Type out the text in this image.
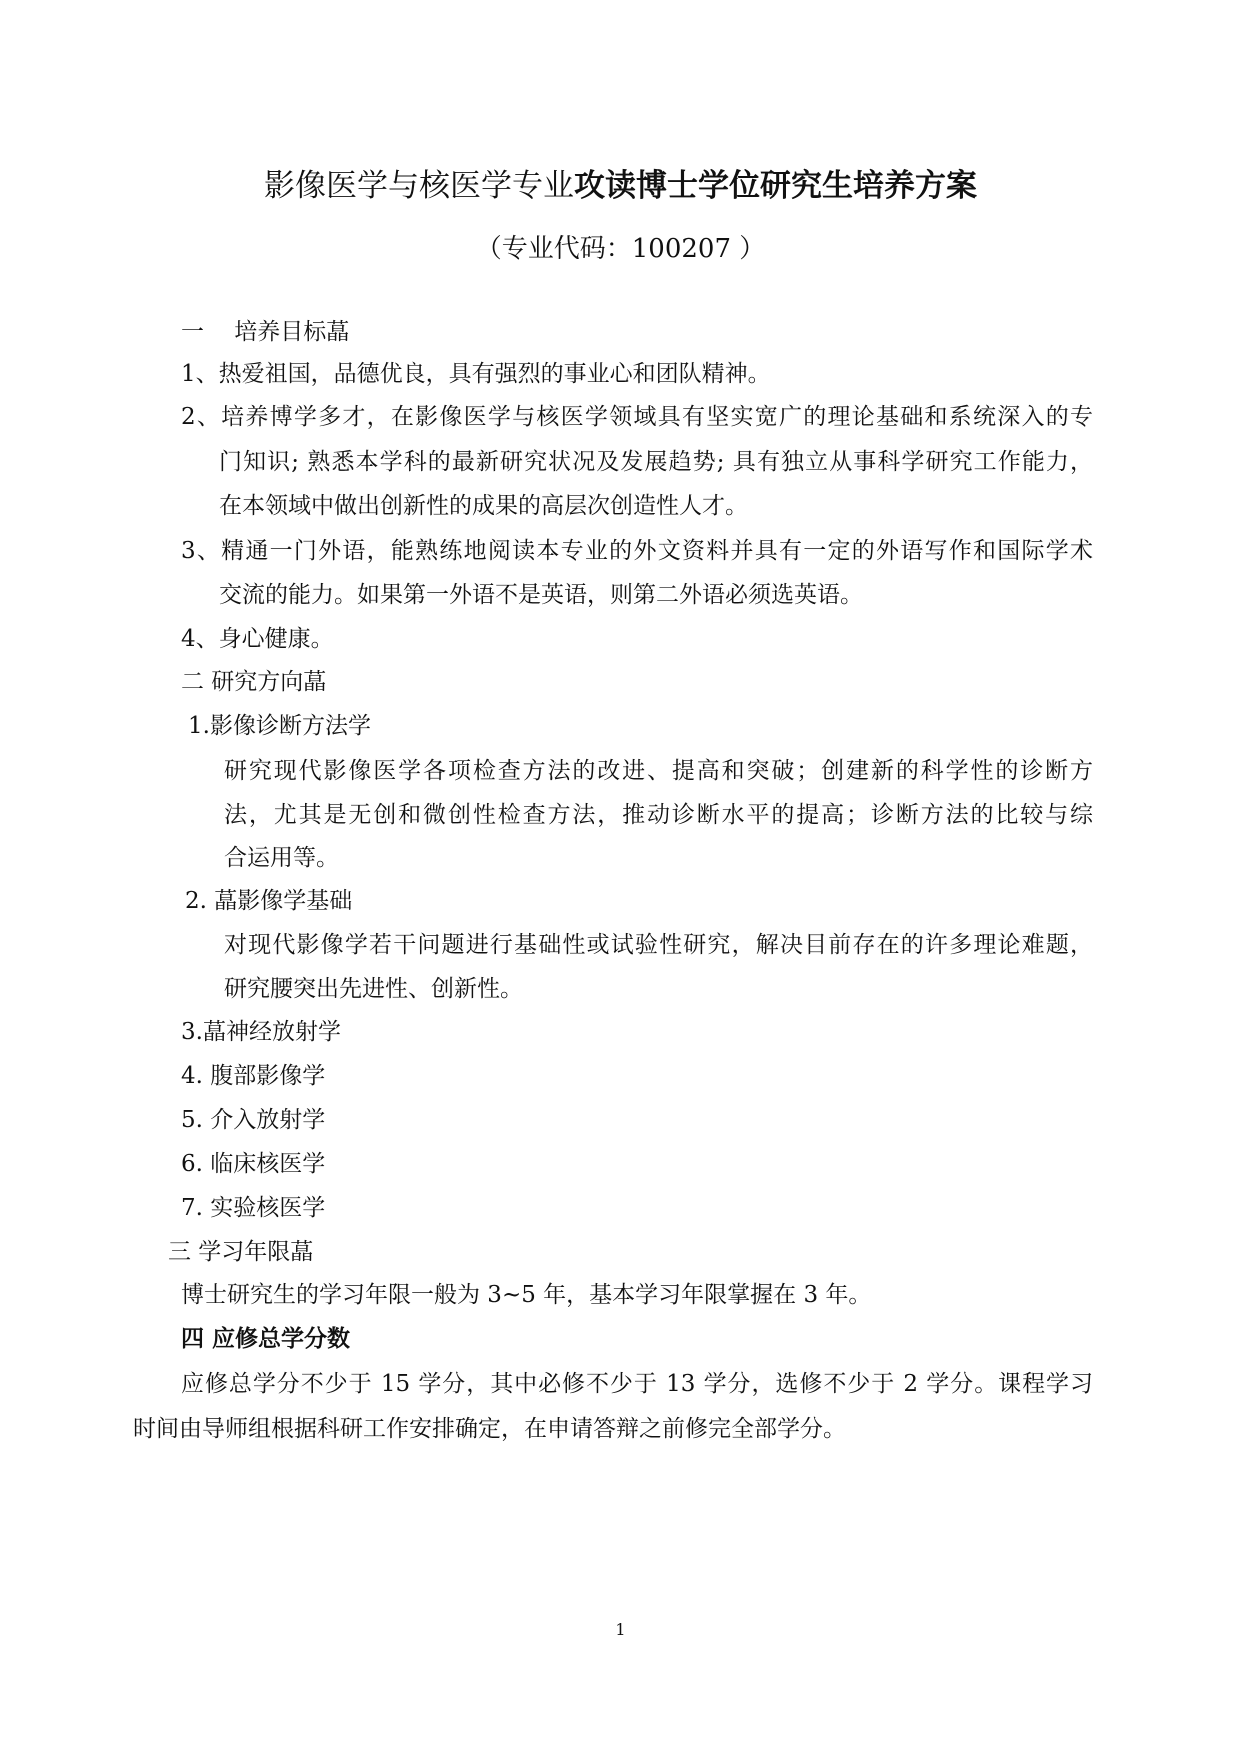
影像医学与核医学专业攻读博士学位研究生培养方案
（专业代码：100207 ）
一　 培养目标蕌
1、热爱祖国，品德优良，具有强烈的事业心和团队精神。
2、培养博学多才，在影像医学与核医学领域具有坚实宽广的理论基础和系统深入的专
门知识; 熟悉本学科的最新研究状况及发展趋势; 具有独立从事科学研究工作能力，
在本领域中做出创新性的成果的高层次创造性人才。
3、精通一门外语，能熟练地阅读本专业的外文资料并具有一定的外语写作和国际学术
交流的能力。如果第一外语不是英语，则第二外语必须选英语。
4、身心健康。
二 研究方向蕌
1.影像诊断方法学
研究现代影像医学各项检查方法的改进、提高和突破；创建新的科学性的诊断方
法，尤其是无创和微创性检查方法，推动诊断水平的提高；诊断方法的比较与综
合运用等。
2. 蕌影像学基础
对现代影像学若干问题进行基础性或试验性研究，解决目前存在的许多理论难题，
研究腰突出先进性、创新性。
3.蕌神经放射学
4. 腹部影像学
5. 介入放射学
6. 临床核医学
7. 实验核医学
三 学习年限蕌
博士研究生的学习年限一般为 3~5 年，基本学习年限掌握在 3 年。
四 应修总学分数
应修总学分不少于 15 学分，其中必修不少于 13 学分，选修不少于 2 学分。课程学习
时间由导师组根据科研工作安排确定，在申请答辩之前修完全部学分。
1
